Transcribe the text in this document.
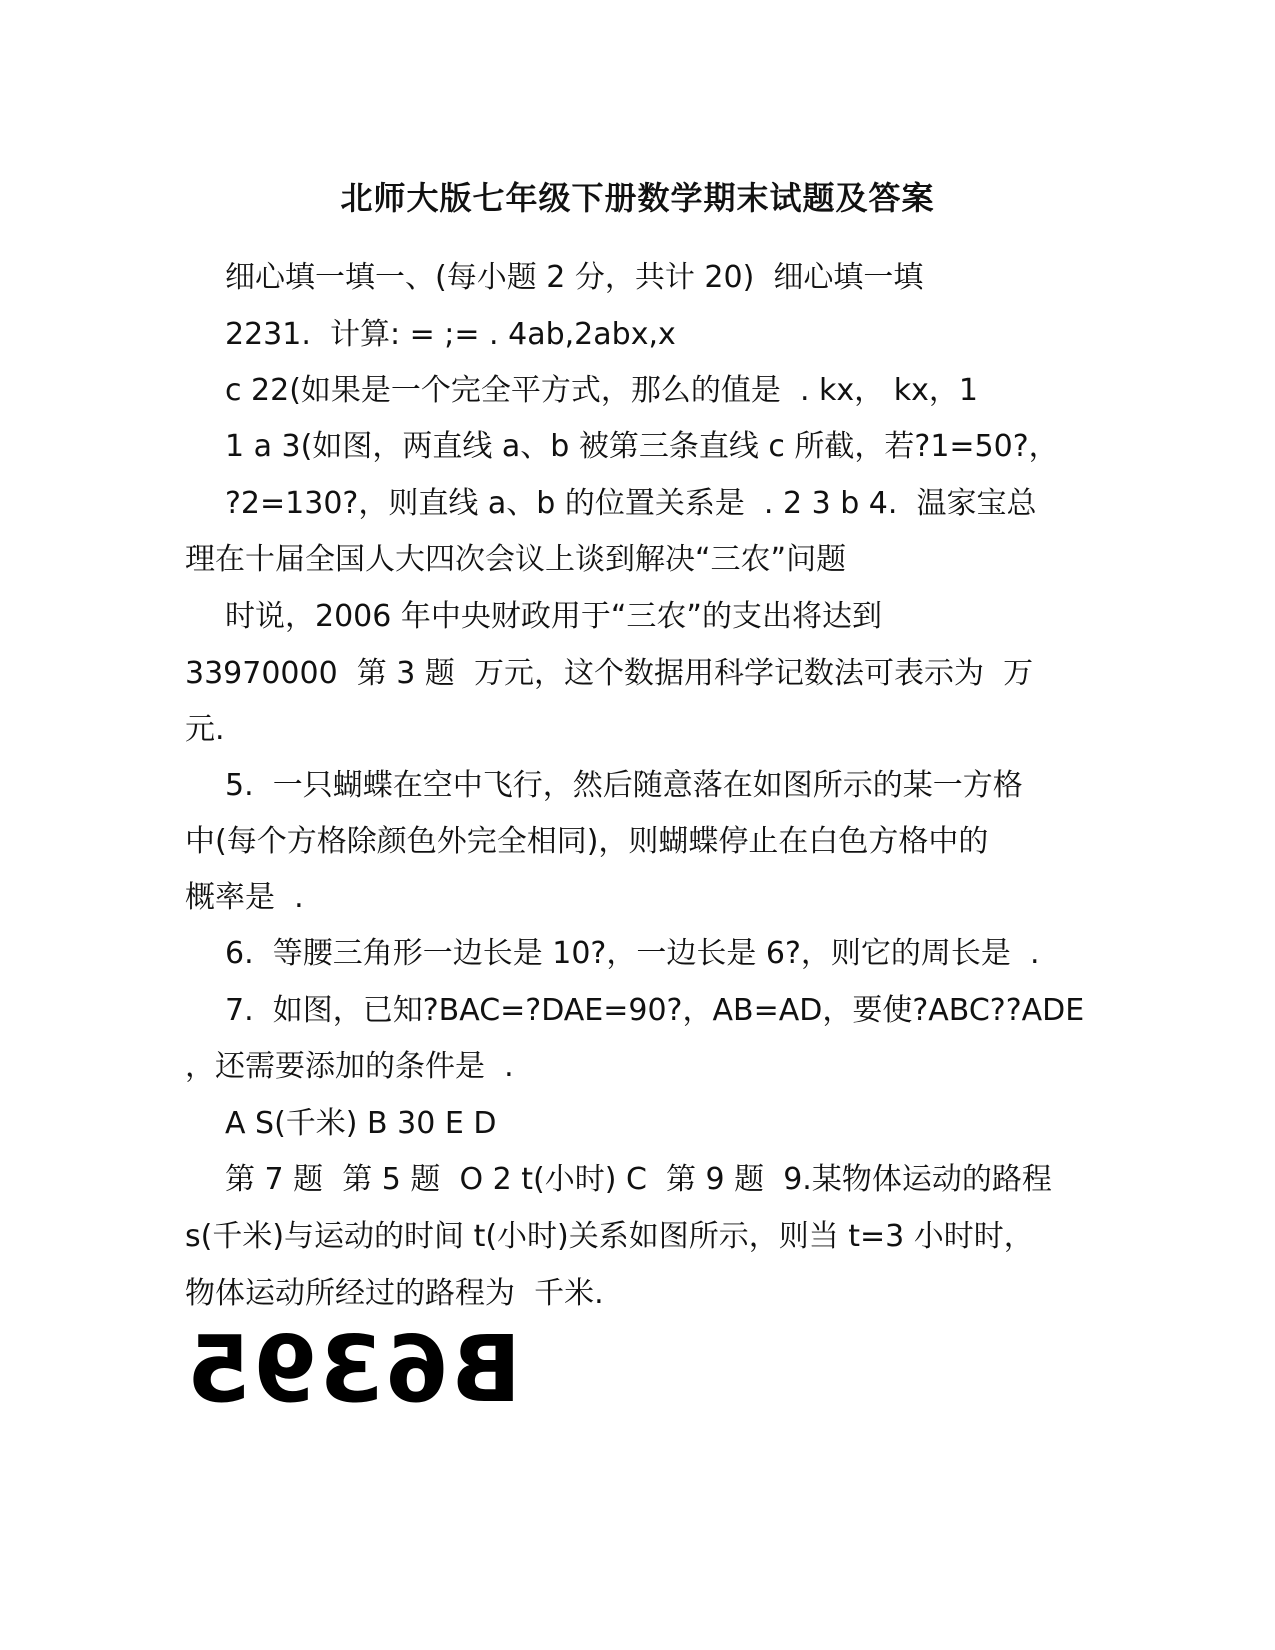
北师大版七年级下册数学期末试题及答案
细心填一填一、(每小题 2 分，共计 20)  细心填一填
2231.  计算: = ;= . 4ab,2abx,x
c 22(如果是一个完全平方式，那么的值是  . kx， kx，1
1 a 3(如图，两直线 a、b 被第三条直线 c 所截，若?1=50?，
?2=130?，则直线 a、b 的位置关系是  . 2 3 b 4.  温家宝总
理在十届全国人大四次会议上谈到解决“三农”问题
时说，2006 年中央财政用于“三农”的支出将达到
33970000  第 3 题  万元，这个数据用科学记数法可表示为  万
元.
5.  一只蝴蝶在空中飞行，然后随意落在如图所示的某一方格
中(每个方格除颜色外完全相同)，则蝴蝶停止在白色方格中的
概率是  .
6.  等腰三角形一边长是 10?，一边长是 6?，则它的周长是  .
7.  如图，已知?BAC=?DAE=90?，AB=AD，要使?ABC??ADE
，还需要添加的条件是  .
A S(千米) B 30 E D
第 7 题  第 5 题  O 2 t(小时) C  第 9 题  9.某物体运动的路程
s(千米)与运动的时间 t(小时)关系如图所示，则当 t=3 小时时，
物体运动所经过的路程为  千米.
B6395
